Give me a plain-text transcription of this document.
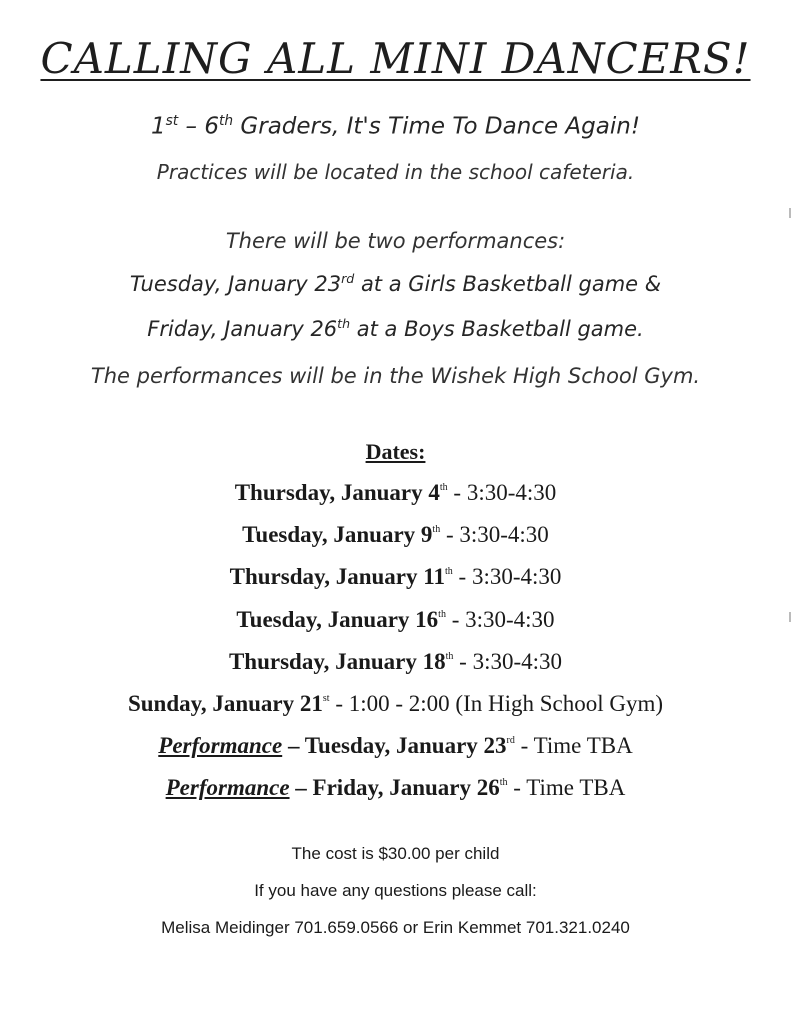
CALLING ALL MINI DANCERS!
1st – 6th Graders, It's Time To Dance Again!
Practices will be located in the school cafeteria.
There will be two performances:
Tuesday, January 23rd at a Girls Basketball game &
Friday, January 26th at a Boys Basketball game.
The performances will be in the Wishek High School Gym.
Dates:
Thursday, January 4th - 3:30-4:30
Tuesday, January 9th - 3:30-4:30
Thursday, January 11th - 3:30-4:30
Tuesday, January 16th - 3:30-4:30
Thursday, January 18th - 3:30-4:30
Sunday, January 21st - 1:00 - 2:00 (In High School Gym)
Performance – Tuesday, January 23rd - Time TBA
Performance – Friday, January 26th - Time TBA
The cost is $30.00 per child
If you have any questions please call:
Melisa Meidinger 701.659.0566 or Erin Kemmet 701.321.0240
